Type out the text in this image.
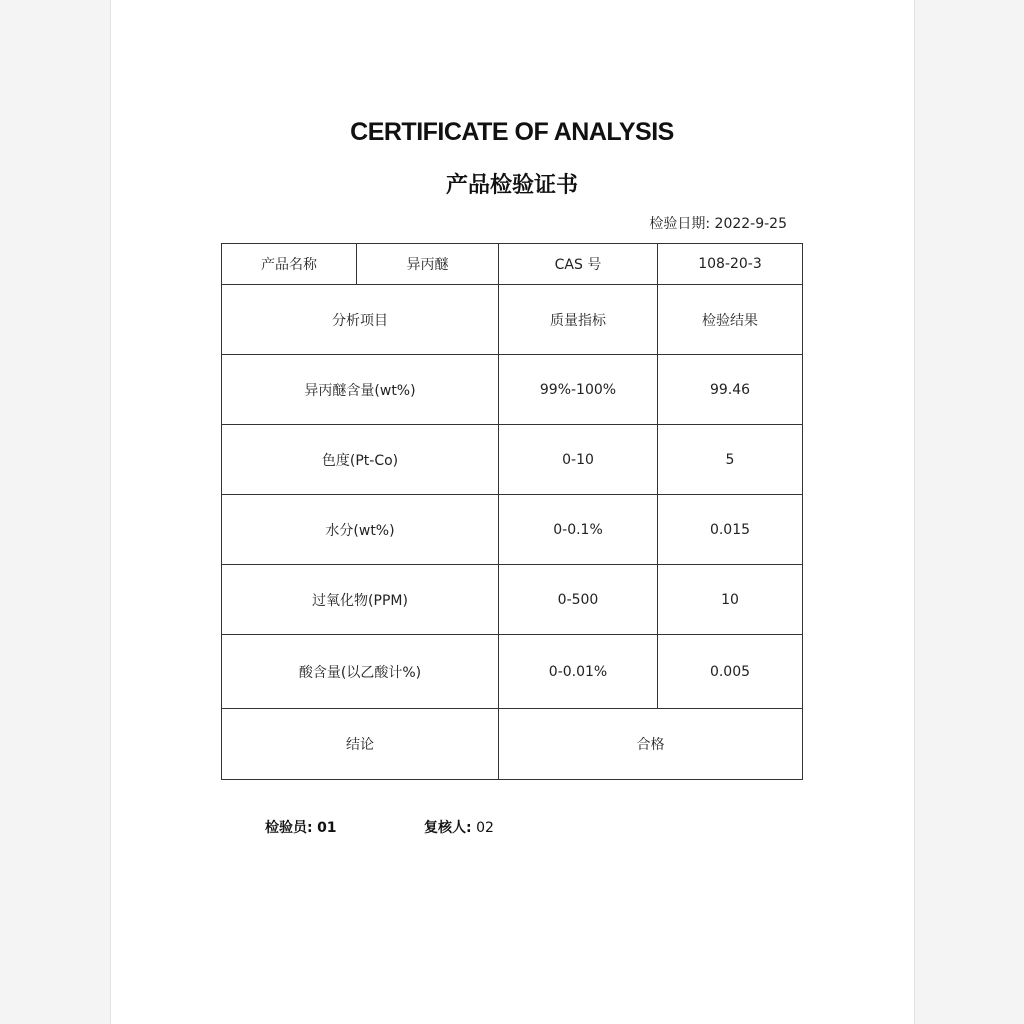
CERTIFICATE OF ANALYSIS
产品检验证书
检验日期: 2022-9-25
产品名称	异丙醚	CAS 号	108-20-3
分析项目		质量指标	检验结果
异丙醚含量(wt%)		99%-100%	99.46
色度(Pt-Co)		0-10	5
水分(wt%)		0-0.1%	0.015
过氧化物(PPM)		0-500	10
酸含量(以乙酸计%)		0-0.01%	0.005
结论		合格	
检验员: 01	复核人: 02
